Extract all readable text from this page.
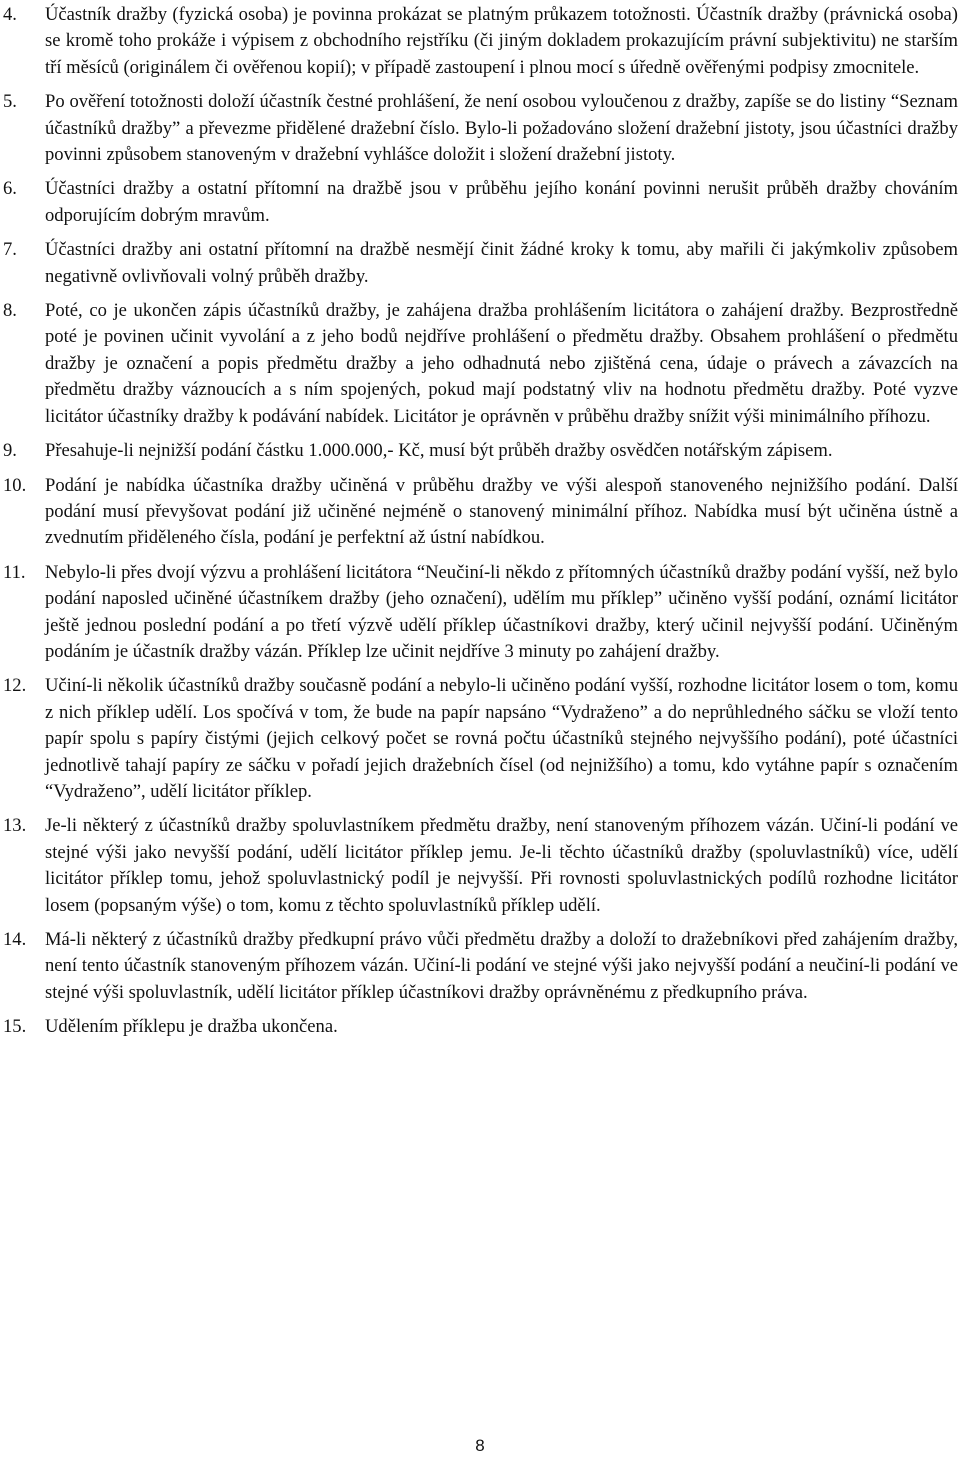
4. Účastník dražby (fyzická osoba) je povinna prokázat se platným průkazem totožnosti. Účastník dražby (právnická osoba) se kromě toho prokáže i výpisem z obchodního rejstříku (či jiným dokladem prokazujícím právní subjektivitu) ne starším tří měsíců (originálem či ověřenou kopií); v případě zastoupení i plnou mocí s úředně ověřenými podpisy zmocnitele.
5. Po ověření totožnosti doloží účastník čestné prohlášení, že není osobou vyloučenou z dražby, zapíše se do listiny “Seznam účastníků dražby” a převezme přidělené dražební číslo. Bylo-li požadováno složení dražební jistoty, jsou účastníci dražby povinni způsobem stanoveným v dražební vyhlášce doložit i složení dražební jistoty.
6. Účastníci dražby a ostatní přítomní na dražbě jsou v průběhu jejího konání povinni nerušit průběh dražby chováním odporujícím dobrým mravům.
7. Účastníci dražby ani ostatní přítomní na dražbě nesmějí činit žádné kroky k tomu, aby mařili či jakýmkoliv způsobem negativně ovlivňovali volný průběh dražby.
8. Poté, co je ukončen zápis účastníků dražby, je zahájena dražba prohlášením licitátora o zahájení dražby. Bezprostředně poté je povinen učinit vyvolání a z jeho bodů nejdříve prohlášení o předmětu dražby. Obsahem prohlášení o předmětu dražby je označení a popis předmětu dražby a jeho odhadnutá nebo zjištěná cena, údaje o právech a závazcích na předmětu dražby váznoucích a s ním spojených, pokud mají podstatný vliv na hodnotu předmětu dražby. Poté vyzve licitátor účastníky dražby k podávání nabídek. Licitátor je oprávněn v průběhu dražby snížit výši minimálního příhozu.
9. Přesahuje-li nejnižší podání částku 1.000.000,- Kč, musí být průběh dražby osvědčen notářským zápisem.
10. Podání je nabídka účastníka dražby učiněná v průběhu dražby ve výši alespoň stanoveného nejnižšího podání. Další podání musí převyšovat podání již učiněné nejméně o stanovený minimální příhoz. Nabídka musí být učiněna ústně a zvednutím přiděleného čísla, podání je perfektní až ústní nabídkou.
11. Nebylo-li přes dvojí výzvu a prohlášení licitátora “Neučiní-li někdo z přítomných účastníků dražby podání vyšší, než bylo podání naposled učiněné účastníkem dražby (jeho označení), udělím mu příklep” učiněno vyšší podání, oznámí licitátor ještě jednou poslední podání a po třetí výzvě udělí příklep účastníkovi dražby, který učinil nejvyšší podání. Učiněným podáním je účastník dražby vázán. Příklep lze učinit nejdříve 3 minuty po zahájení dražby.
12. Učiní-li několik účastníků dražby současně podání a nebylo-li učiněno podání vyšší, rozhodne licitátor losem o tom, komu z nich příklep udělí. Los spočívá v tom, že bude na papír napsáno “Vydraženo” a do neprůhledného sáčku se vloží tento papír spolu s papíry čistými (jejich celkový počet se rovná počtu účastníků stejného nejvyššího podání), poté účastníci jednotlivě tahají papíry ze sáčku v pořadí jejich dražebních čísel (od nejnižšího) a tomu, kdo vytáhne papír s označením “Vydraženo”, udělí licitátor příklep.
13. Je-li některý z účastníků dražby spoluvlastníkem předmětu dražby, není stanoveným příhozem vázán. Učiní-li podání ve stejné výši jako nevyšší podání, udělí licitátor příklep jemu. Je-li těchto účastníků dražby (spoluvlastníků) více, udělí licitátor příklep tomu, jehož spoluvlastnický podíl je nejvyšší. Při rovnosti spoluvlastnických podílů rozhodne licitátor losem (popsaným výše) o tom, komu z těchto spoluvlastníků příklep udělí.
14. Má-li některý z účastníků dražby předkupní právo vůči předmětu dražby a doloží to dražebníkovi před zahájením dražby, není tento účastník stanoveným příhozem vázán. Učiní-li podání ve stejné výši jako nejvyšší podání a neučiní-li podání ve stejné výši spoluvlastník, udělí licitátor příklep účastníkovi dražby oprávněnému z předkupního práva.
15. Udělením příklepu je dražba ukončena.
8
